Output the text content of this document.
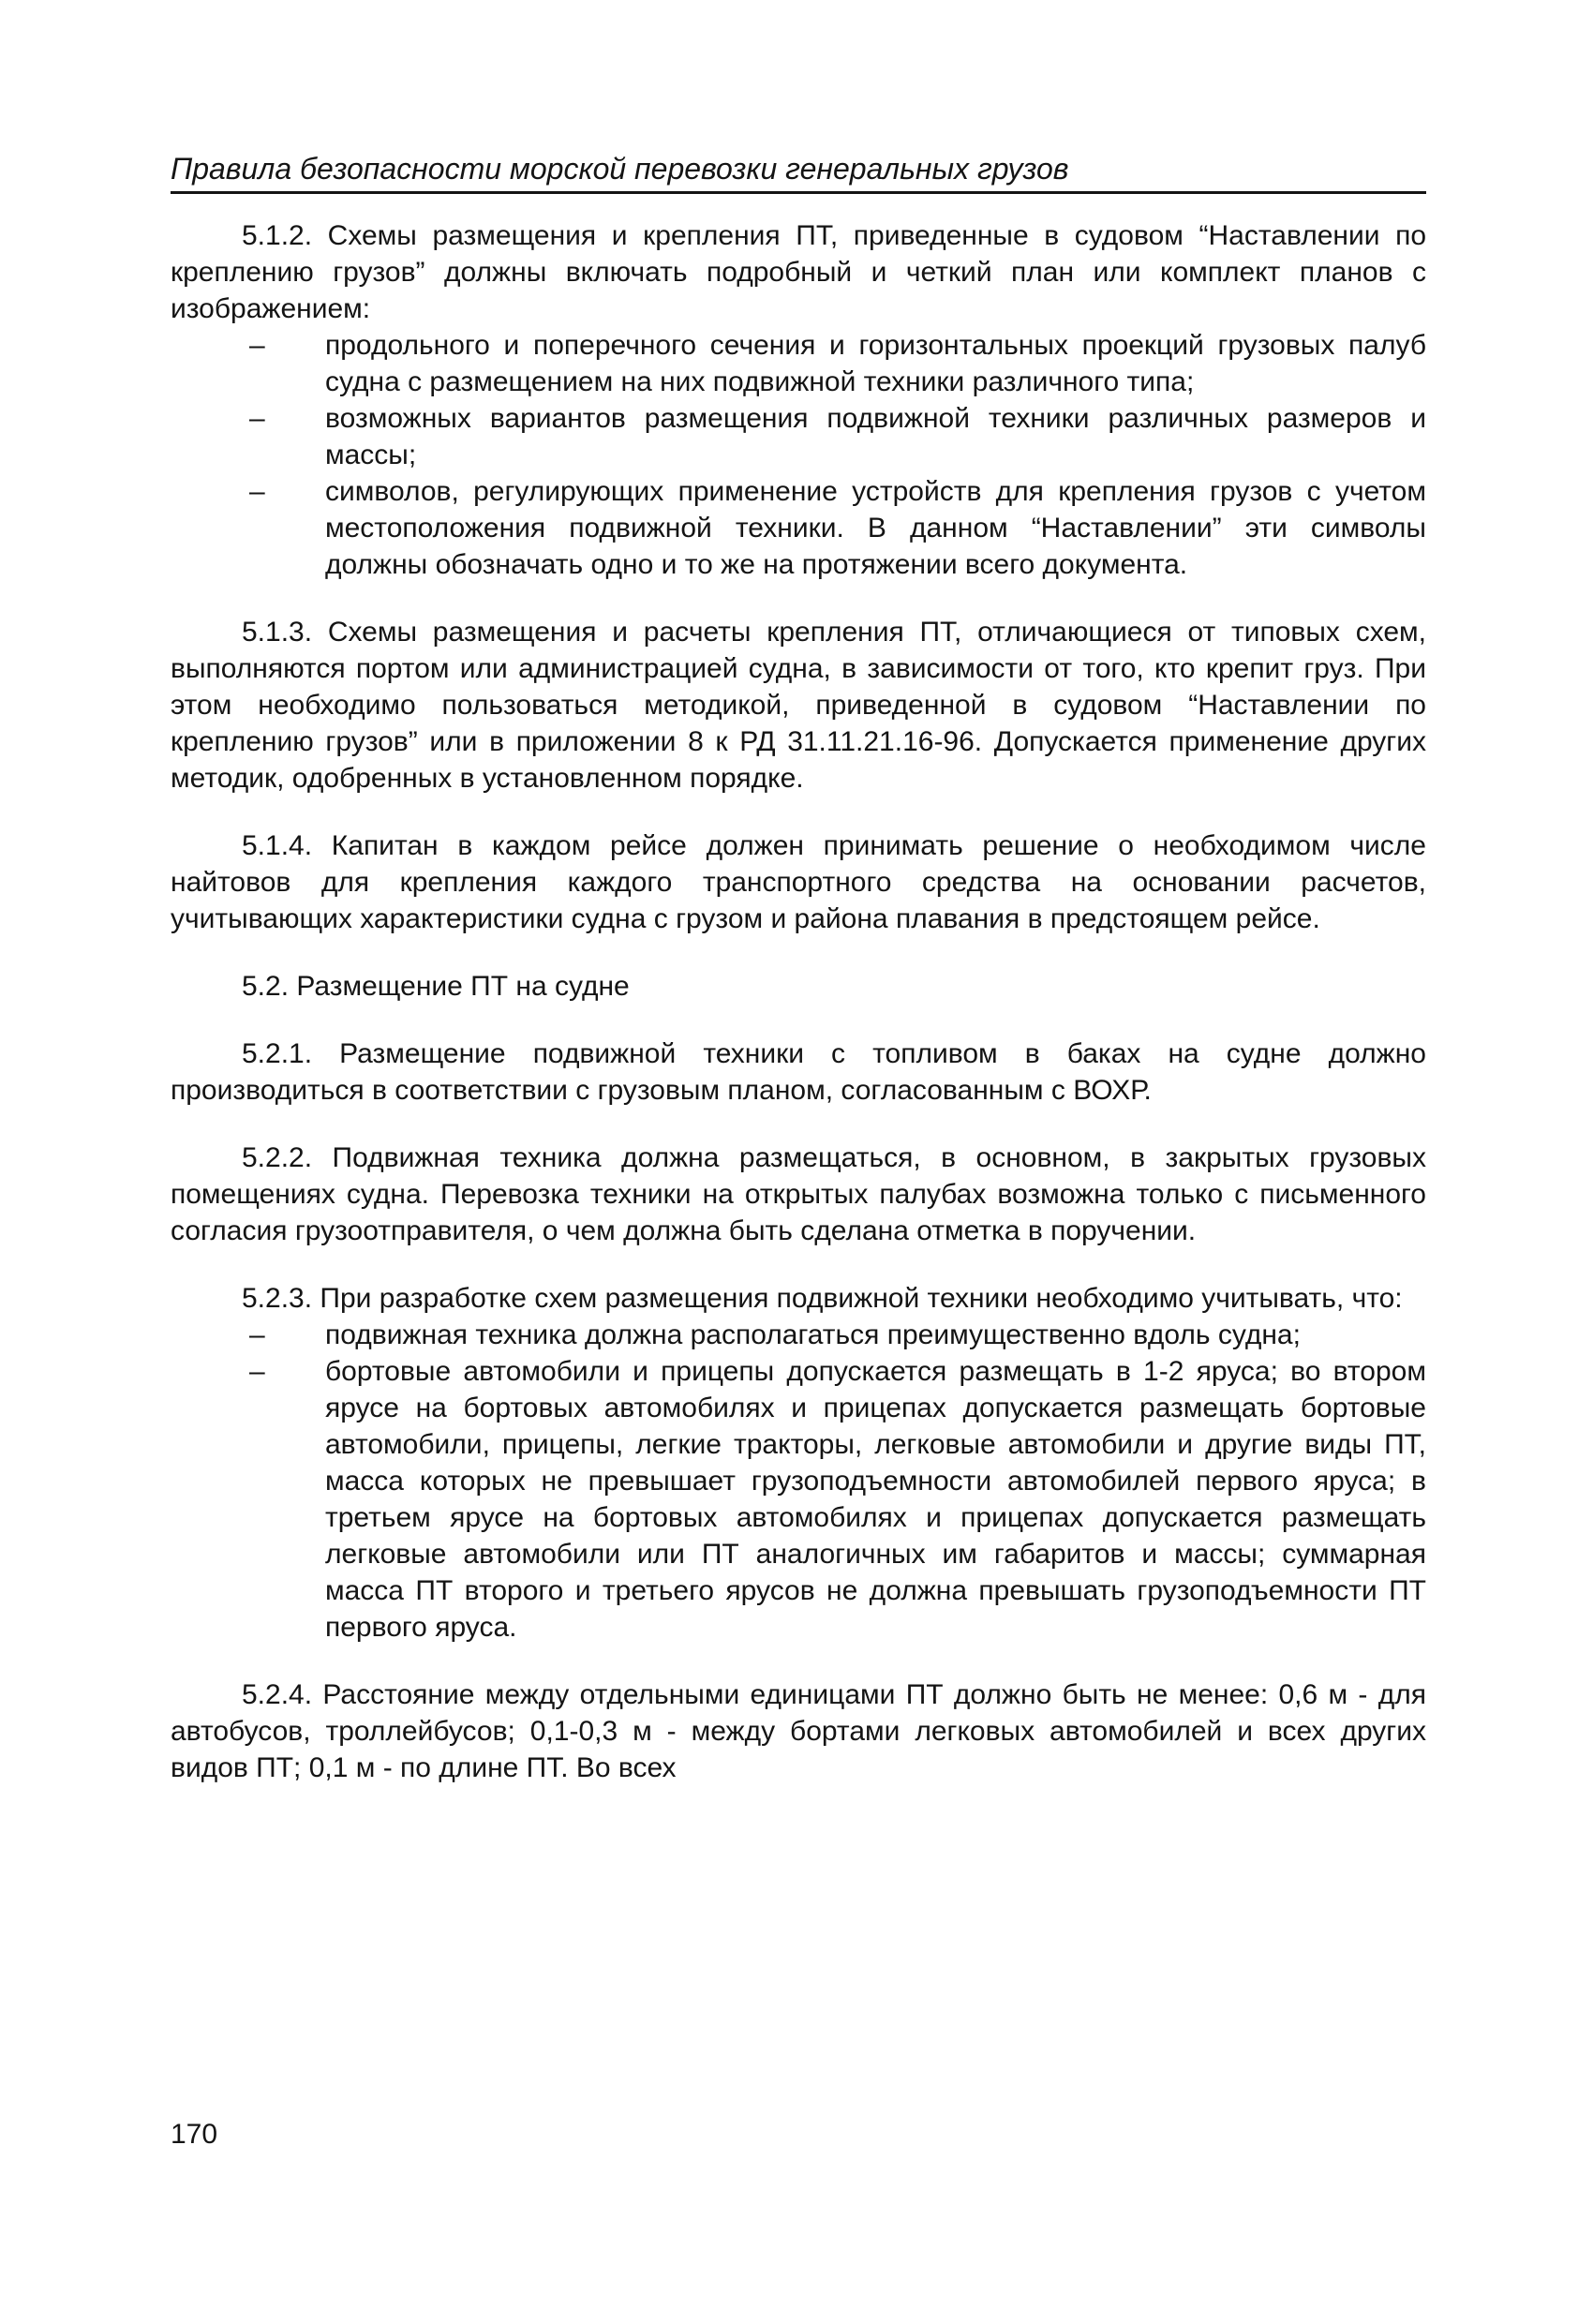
Правила безопасности морской перевозки генеральных грузов

5.1.2. Схемы размещения и крепления ПТ, приведенные в судовом “Наставлении по креплению грузов” должны включать подробный и четкий план или комплект планов с изображением:

– продольного и поперечного сечения и горизонтальных проекций грузовых палуб судна с размещением на них подвижной техники различного типа;
– возможных вариантов размещения подвижной техники различных размеров и массы;
– символов, регулирующих применение устройств для крепления грузов с учетом местоположения подвижной техники. В данном “Наставлении” эти символы должны обозначать одно и то же на протяжении всего документа.

5.1.3. Схемы размещения и расчеты крепления ПТ, отличающиеся от типовых схем, выполняются портом или администрацией судна, в зависимости от того, кто крепит груз. При этом необходимо пользоваться методикой, приведенной в судовом “Наставлении по креплению грузов” или в приложении 8 к РД 31.11.21.16-96. Допускается применение других методик, одобренных в установленном порядке.

5.1.4. Капитан в каждом рейсе должен принимать решение о необходимом числе найтовов для крепления каждого транспортного средства на основании расчетов, учитывающих характеристики судна с грузом и района плавания в предстоящем рейсе.

5.2. Размещение ПТ на судне

5.2.1. Размещение подвижной техники с топливом в баках на судне должно производиться в соответствии с грузовым планом, согласованным с ВОХР.

5.2.2. Подвижная техника должна размещаться, в основном, в закрытых грузовых помещениях судна. Перевозка техники на открытых палубах возможна только с письменного согласия грузоотправителя, о чем должна быть сделана отметка в поручении.

5.2.3. При разработке схем размещения подвижной техники необходимо учитывать, что:

– подвижная техника должна располагаться преимущественно вдоль судна;
– бортовые автомобили и прицепы допускается размещать в 1-2 яруса; во втором ярусе на бортовых автомобилях и прицепах допускается размещать бортовые автомобили, прицепы, легкие тракторы, легковые автомобили и другие виды ПТ, масса которых не превышает грузоподъемности автомобилей первого яруса; в третьем ярусе на бортовых автомобилях и прицепах допускается размещать легковые автомобили или ПТ аналогичных им габаритов и массы; суммарная масса ПТ второго и третьего ярусов не должна превышать грузоподъемности ПТ первого яруса.

5.2.4. Расстояние между отдельными единицами ПТ должно быть не менее: 0,6 м - для автобусов, троллейбусов; 0,1-0,3 м - между бортами легковых автомобилей и всех других видов ПТ; 0,1 м - по длине ПТ. Во всех

170
